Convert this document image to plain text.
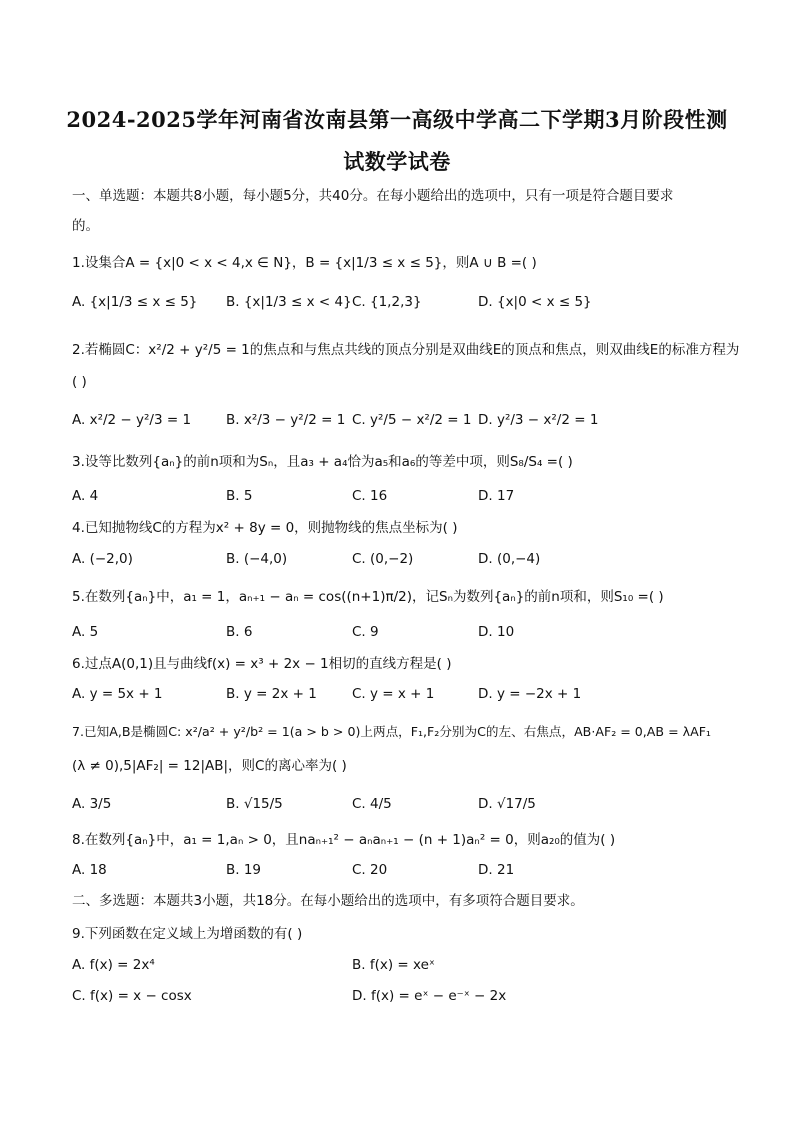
2024-2025学年河南省汝南县第一高级中学高二下学期3月阶段性测
试数学试卷
一、单选题：本题共8小题，每小题5分，共40分。在每小题给出的选项中，只有一项是符合题目要求
的。
1.设集合A = {x|0 < x < 4,x ∈ N}，B = {x|1/3 ≤ x ≤ 5}，则A ∪ B =( )
A. {x|1/3 ≤ x ≤ 5} B. {x|1/3 ≤ x < 4} C. {1,2,3}	D. {x|0 < x ≤ 5}
2.若椭圆C：x²/2 + y²/5 = 1的焦点和与焦点共线的顶点分别是双曲线E的顶点和焦点，则双曲线E的标准方程为
( )
A. x²/2 − y²/3 = 1	B. x²/3 − y²/2 = 1 C. y²/5 − x²/2 = 1 D. y²/3 − x²/2 = 1
3.设等比数列{aₙ}的前n项和为Sₙ，且a₃ + a₄恰为a₅和a₆的等差中项，则S₈/S₄ =( )
A. 4	B. 5	C. 16	D. 17
4.已知抛物线C的方程为x² + 8y = 0，则抛物线的焦点坐标为( )
A. (−2,0)	B. (−4,0)	C. (0,−2)	D. (0,−4)
5.在数列{aₙ}中，a₁ = 1，aₙ₊₁ − aₙ = cos((n+1)π/2)，记Sₙ为数列{aₙ}的前n项和，则S₁₀ =( )
A. 5	B. 6	C. 9	D. 10
6.过点A(0,1)且与曲线f(x) = x³ + 2x − 1相切的直线方程是( )
A. y = 5x + 1	B. y = 2x + 1	C. y = x + 1	D. y = −2x + 1
7.已知A,B是椭圆C: x²/a² + y²/b² = 1(a > b > 0)上两点，F₁,F₂分别为C的左、右焦点，AB·AF₂ = 0,AB = λAF₁
(λ ≠ 0),5|AF₂| = 12|AB|，则C的离心率为( )
A. 3/5	B. √15/5	C. 4/5	D. √17/5
8.在数列{aₙ}中，a₁ = 1,aₙ > 0，且naₙ₊₁² − aₙaₙ₊₁ − (n + 1)aₙ² = 0，则a₂₀的值为( )
A. 18	B. 19	C. 20	D. 21
二、多选题：本题共3小题，共18分。在每小题给出的选项中，有多项符合题目要求。
9.下列函数在定义域上为增函数的有( )
A. f(x) = 2x⁴	B. f(x) = xeˣ
C. f(x) = x − cosx	D. f(x) = eˣ − e⁻ˣ − 2x
